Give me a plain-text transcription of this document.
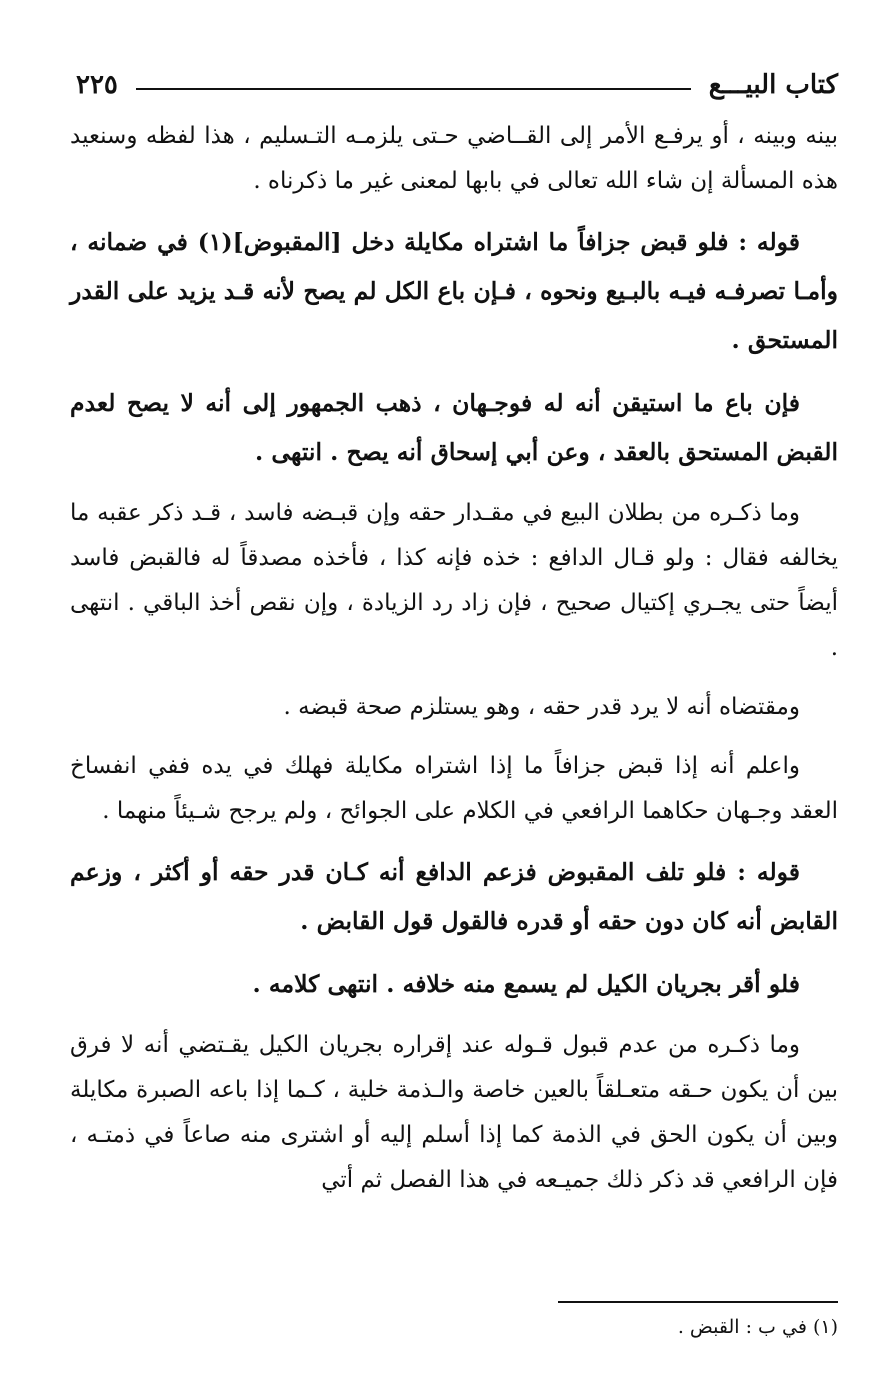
كتاب البيـــع
٢٢٥

بينه وبينه ، أو يرفـع الأمر إلى القــاضي حـتى يلزمـه التـسليم ، هذا لفظه وسنعيد هذه المسألة إن شاء الله تعالى في بابها لمعنى غير ما ذكرناه .

قوله : فلو قبض جزافاً ما اشتراه مكايلة دخل [المقبوض](١) في ضمانه ، وأمـا تصرفـه فيـه بالبـيع ونحوه ، فـإن باع الكل لم يصح لأنه قـد يزيد على القدر المستحق .

فإن باع ما استيقن أنه له فوجـهان ، ذهب الجمهور إلى أنه لا يصح لعدم القبض المستحق بالعقد ، وعن أبي إسحاق أنه يصح . انتهى .

وما ذكـره من بطلان البيع في مقـدار حقه وإن قبـضه فاسد ، قـد ذكر عقبه ما يخالفه فقال : ولو قـال الدافع : خذه فإنه كذا ، فأخذه مصدقاً له فالقبض فاسد أيضاً حتى يجـري إكتيال صحيح ، فإن زاد رد الزيادة ، وإن نقص أخذ الباقي . انتهى .

ومقتضاه أنه لا يرد قدر حقه ، وهو يستلزم صحة قبضه .

واعلم أنه إذا قبض جزافاً ما إذا اشتراه مكايلة فهلك في يده ففي انفساخ العقد وجـهان حكاهما الرافعي في الكلام على الجوائح ، ولم يرجح شـيئاً منهما .

قوله : فلو تلف المقبوض فزعم الدافع أنه كـان قدر حقه أو أكثر ، وزعم القابض أنه كان دون حقه أو قدره فالقول قول القابض .

فلو أقر بجريان الكيل لم يسمع منه خلافه . انتهى كلامه .

وما ذكـره من عدم قبول قـوله عند إقراره بجريان الكيل يقـتضي أنه لا فرق بين أن يكون حـقه متعـلقاً بالعين خاصة والـذمة خلية ، كـما إذا باعه الصبرة مكايلة وبين أن يكون الحق في الذمة كما إذا أسلم إليه أو اشترى منه صاعاً في ذمتـه ، فإن الرافعي قد ذكر ذلك جميـعه في هذا الفصل ثم أتي

(١) في ب : القبض .
